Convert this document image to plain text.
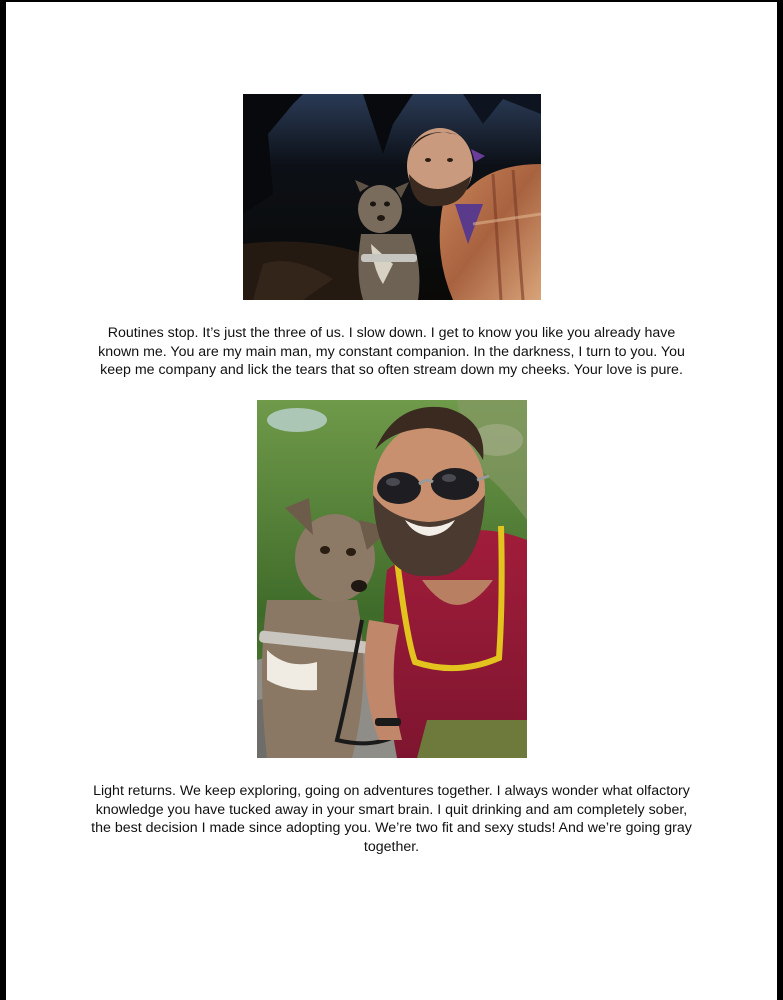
Routines stop. It’s just the three of us. I slow down. I get to know you like you already have known me. You are my main man, my constant companion. In the darkness, I turn to you. You keep me company and lick the tears that so often stream down my cheeks. Your love is pure.

Light returns. We keep exploring, going on adventures together. I always wonder what olfactory knowledge you have tucked away in your smart brain. I quit drinking and am completely sober, the best decision I made since adopting you. We’re two fit and sexy studs! And we’re going gray together.
